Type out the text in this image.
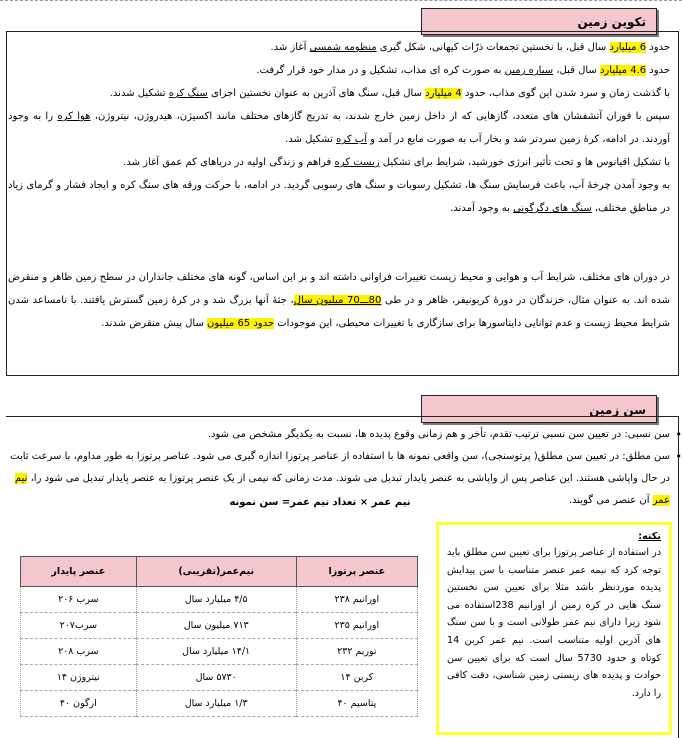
تکوین زمین

حدود 6 میلیارد سال قبل، با نخستین تجمعات ذرّات کیهانی، شکل گیری منظومه شمسی آغاز شد.

حدود 4.6 میلیارد سال قبل، سیاره زمین به صورت کره ای مذاب، تشکیل و در مدار خود قرار گرفت.

با گذشت زمان و سرد شدن این گوی مذاب، حدود 4 میلیارد سال قبل، سنگ های آذرین به عنوان نخستین اجزای سنگ کره تشکیل شدند.

سپس با فوران آتشفشان های متعدد، گازهایی که از داخل زمین خارج شدند، به تدریج گازهای مختلف مانند اکسیژن، هیدروژن، نیتروژن، هوا کره را به وجود آوردند. در ادامه، کرهٔ زمین سردتر شد و بخار آب به صورت مایع در آمد و آب کره تشکیل شد.

با تشکیل اقیانوس ها و تحت تأثیر انرژی خورشید، شرایط برای تشکیل زیست کره فراهم و زندگی اولیه در دریاهای کم عمق آغاز شد.

به وجود آمدن چرخهٔ آب، باعث فرسایش سنگ ها، تشکیل رسوبات و سنگ های رسوبی گردید. در ادامه، با حرکت ورقه های سنگ کره و ایجاد فشار و گرمای زیاد در مناطق مختلف، سنگ های دگرگونی به وجود آمدند.

در دوران های مختلف، شرایط آب و هوایی و محیط زیست تغییرات فراوانی داشته اند و بر این اساس، گونه های مختلف جانداران در سطح زمین ظاهر و منقرض شده اند. به عنوان مثال، خزندگان در دورهٔ کربونیفر، ظاهر و در طی 80ـــ70 میلیون سال، جثهٔ آنها بزرگ شد و در کرهٔ زمین گسترش یافتند. با نامساعد شدن شرایط محیط زیست و عدم توانایی دایناسورها برای سازگاری با تغییرات محیطی، این موجودات حدود 65 میلیون سال پیش منقرض شدند.

سن زمین
• سن نسبی: در تعیین سن نسبی ترتیب تقدم، تأخر و هم زمانی وقوع پدیده ها، نسبت به یکدیگر مشخص می شود.
• سن مطلق: در تعیین سن مطلق( پرتوسنجی)، سن واقعی نمونه ها با استفاده از عناصر پرتوزا اندازه گیری می شود. عناصر پرتوزا به طور مداوم، با سرعت ثابت در حال واپاشی هستند. این عناصر پس از واپاشی به عنصر پایدار تبدیل می شوند. مدت زمانی که نیمی از یک عنصر پرتوزا به عنصر پایدار تبدیل می شود را، نیم عمر آن عنصر می گویند.
نیم عمر × تعداد نیم عمر= سن نمونه
نکته:
در استفاده از عناصر پرتوزا برای تعیین سن مطلق باید توجه کرد که نیمه عمر عنصر متناسب با سن پیدایش پدیده موردنظر باشد مثلا برای تعیین سن نخستین سنگ هایی در کره زمین از اورانیم 238استفاده می شود زیرا دارای نیم عمر طولانی است و با سن سنگ های آذرین اولیه متناسب است. نیم عمر کربن 14 کوتاه و حدود 5730 سال است که برای تعیین سن حوادث و پدیده های زیستی زمین شناسی، دقت کافی را دارد.
عنصر پرتوزا	نیم‌عمر(تقریبی)	عنصر پایدار
اورانیم ۲۳۸	۴/۵ میلیارد سال	سرب ۲۰۶
اورانیم ۲۳۵	۷۱۳ میلیون سال	سرب۲۰۷
توریم ۲۳۲	۱۴/۱ میلیارد سال	سرب ۲۰۸
کربن ۱۴	۵۷۳۰ سال	نیتروژن ۱۴
پتاسیم ۴۰	۱/۳ میلیارد سال	ارگون ۴۰
